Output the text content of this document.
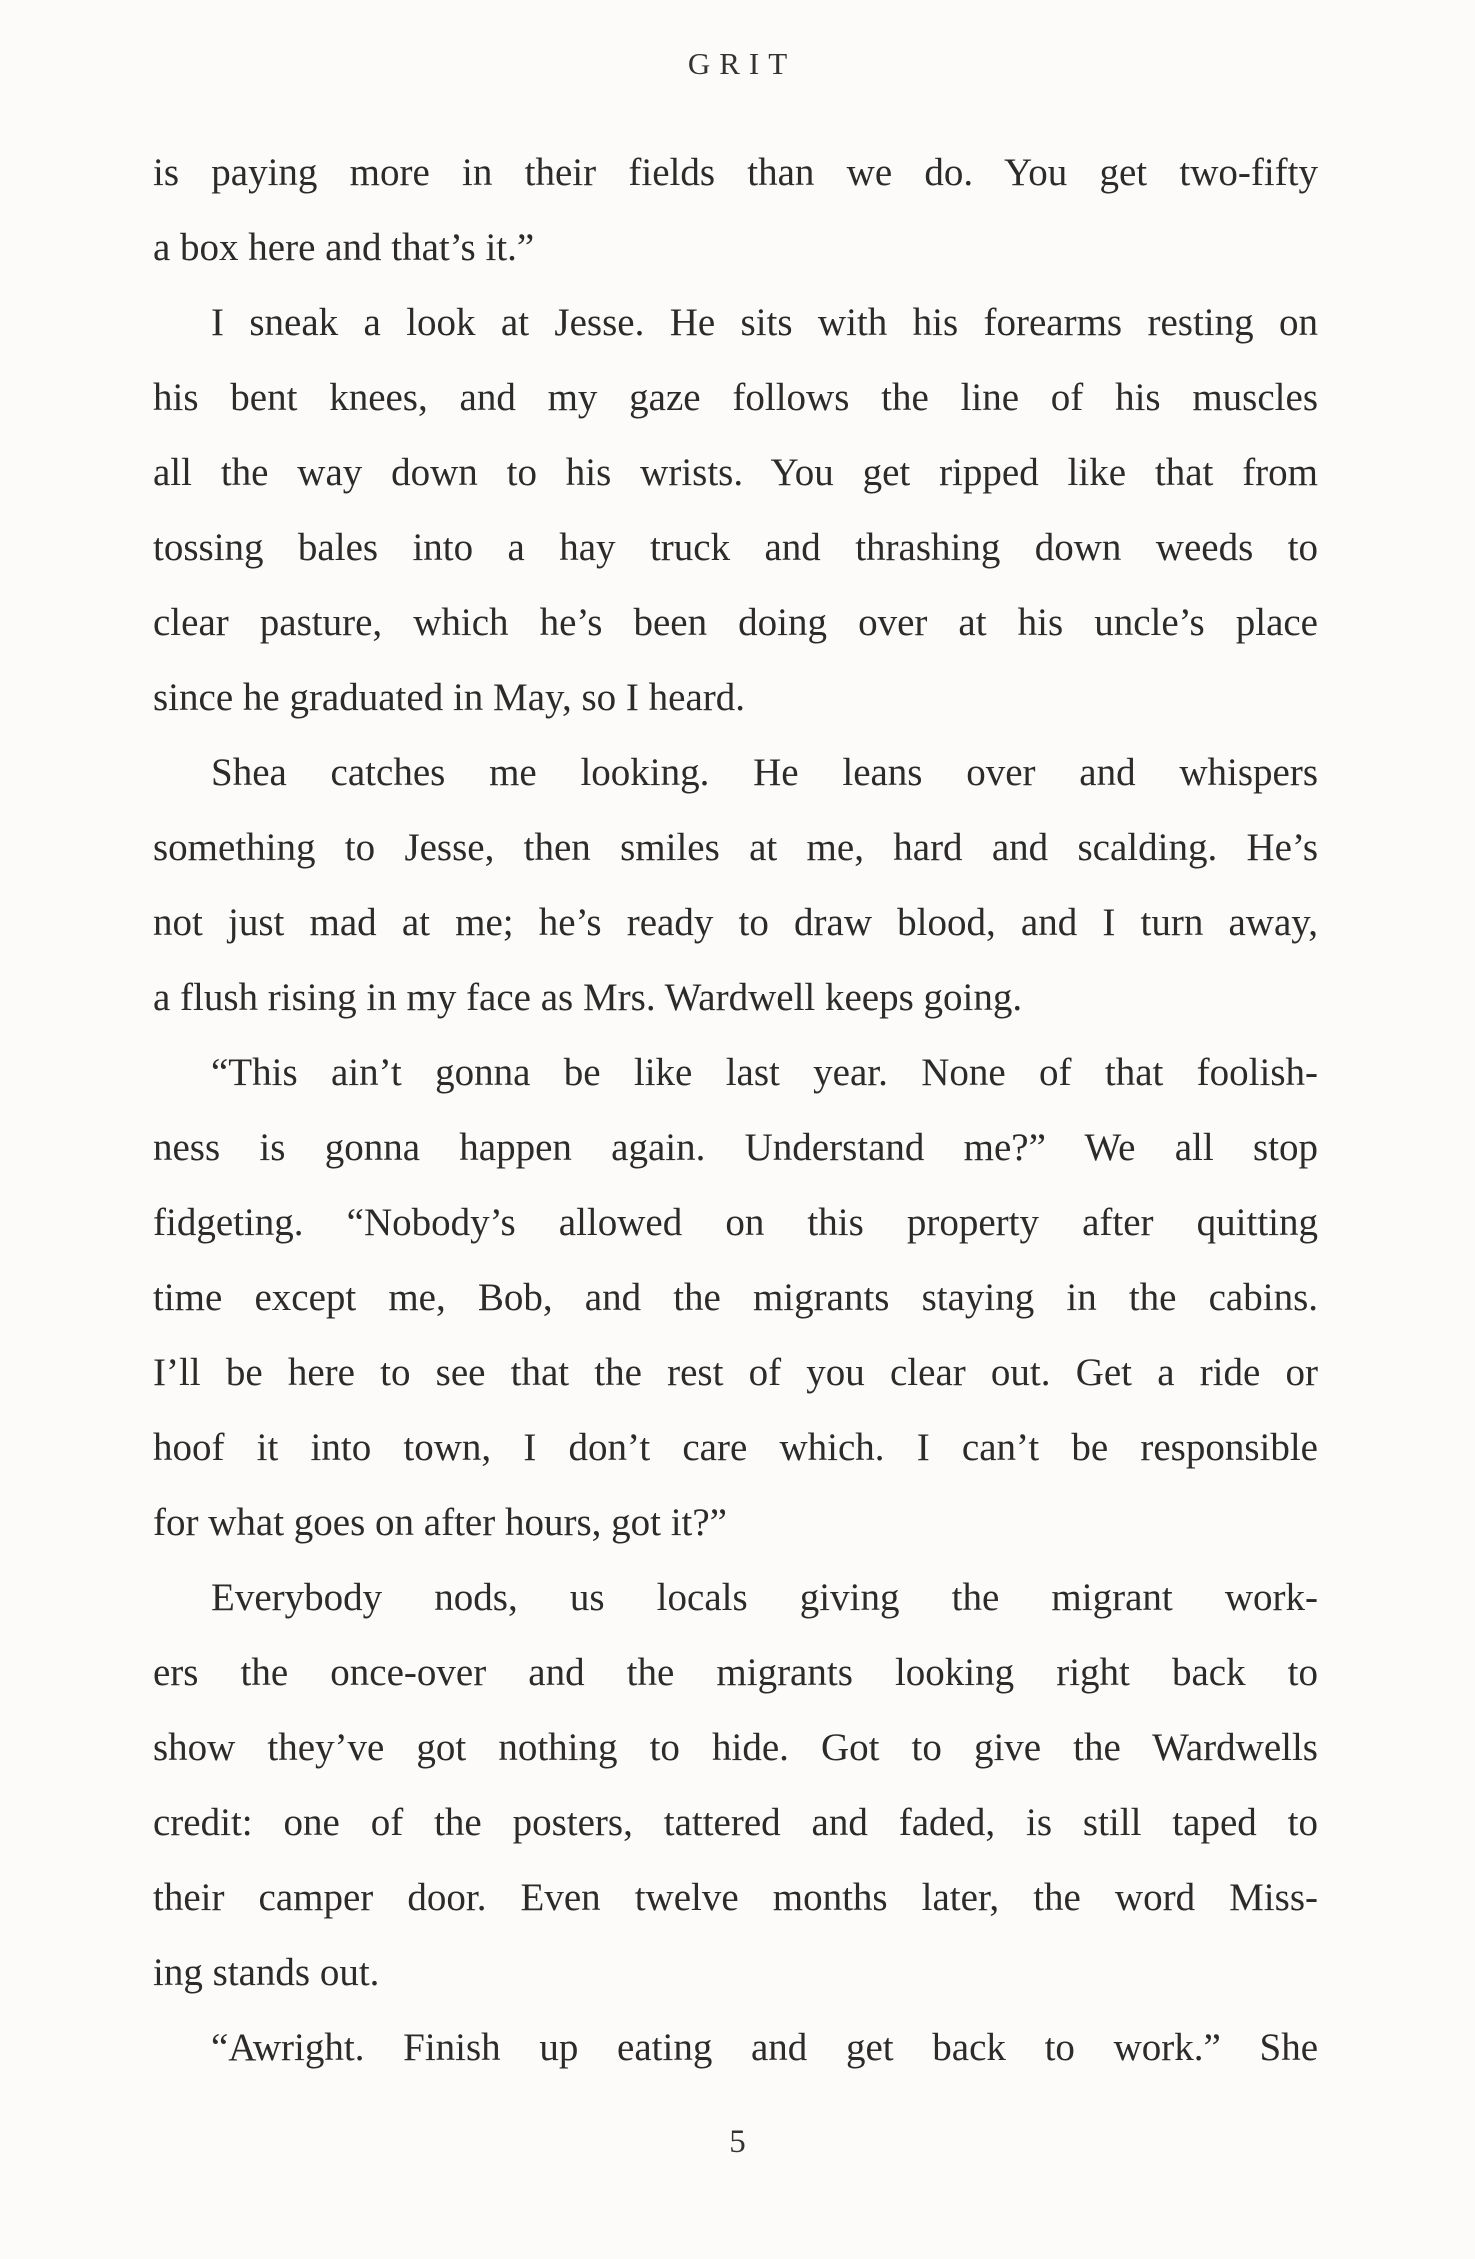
GRIT
is paying more in their fields than we do. You get two-fifty
a box here and that’s it.”
I sneak a look at Jesse. He sits with his forearms resting on
his bent knees, and my gaze follows the line of his muscles
all the way down to his wrists. You get ripped like that from
tossing bales into a hay truck and thrashing down weeds to
clear pasture, which he’s been doing over at his uncle’s place
since he graduated in May, so I heard.
Shea catches me looking. He leans over and whispers
something to Jesse, then smiles at me, hard and scalding. He’s
not just mad at me; he’s ready to draw blood, and I turn away,
a flush rising in my face as Mrs. Wardwell keeps going.
“This ain’t gonna be like last year. None of that foolish-
ness is gonna happen again. Understand me?” We all stop
fidgeting. “Nobody’s allowed on this property after quitting
time except me, Bob, and the migrants staying in the cabins.
I’ll be here to see that the rest of you clear out. Get a ride or
hoof it into town, I don’t care which. I can’t be responsible
for what goes on after hours, got it?”
Everybody nods, us locals giving the migrant work-
ers the once-over and the migrants looking right back to
show they’ve got nothing to hide. Got to give the Wardwells
credit: one of the posters, tattered and faded, is still taped to
their camper door. Even twelve months later, the word Miss-
ing stands out.
“Awright. Finish up eating and get back to work.” She
5
